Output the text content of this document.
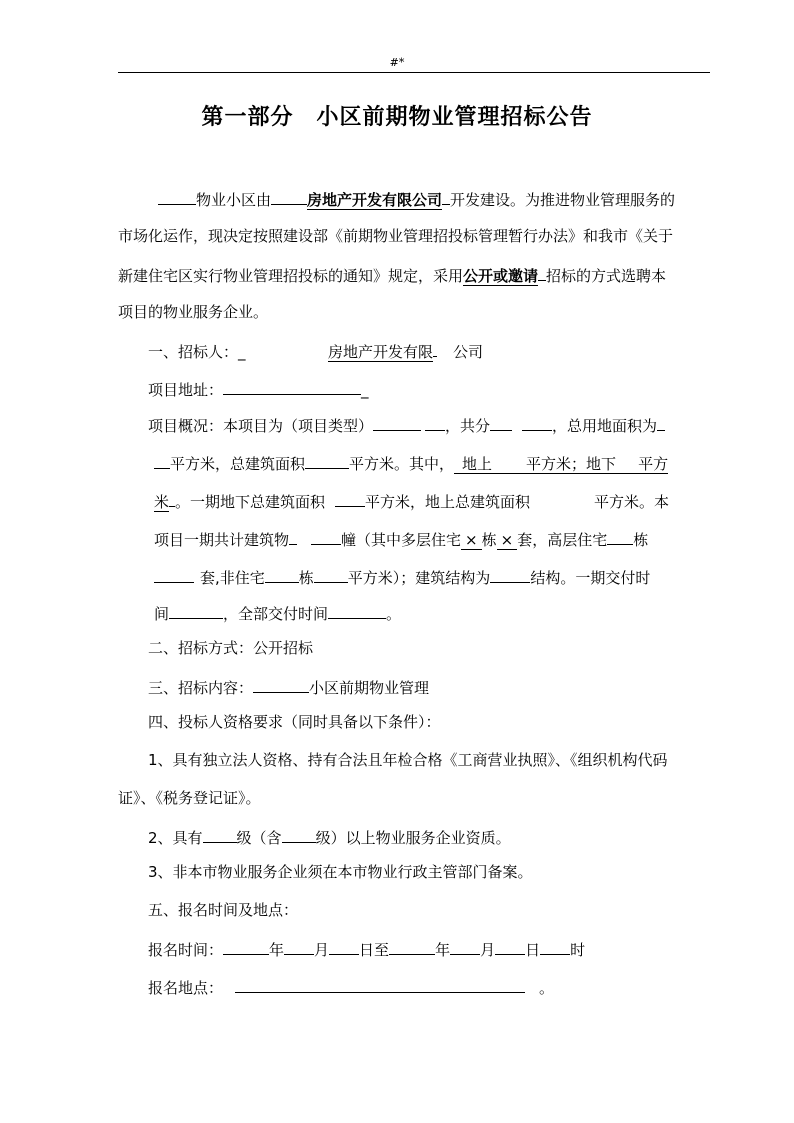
#*
第一部分　小区前期物业管理招标公告
物业小区由 房地产开发有限公司 开发建设。为推进物业管理服务的
市场化运作，现决定按照建设部《前期物业管理招投标管理暂行办法》和我市《关于
新建住宅区实行物业管理招投标的通知》规定，采用公开或邀请 招标的方式选聘本
项目的物业服务企业。
一、招标人：_	房地产开发有限 公司
项目地址：	_
项目概况：本项目为（项目类型）	，共分	，总用地面积为
平方米，总建筑面积	平方米。其中， 地上 平方米；地下 平方
米 。一期地下总建筑面积	平方米，地上总建筑面积	平方米。本
项目一期共计建筑物	幢（其中多层住宅 × 栋 × 套，高层住宅 栋
套,非住宅 栋 平方米）；建筑结构为	结构。一期交付时
间	，全部交付时间	。
二、招标方式：公开招标
三、招标内容：	小区前期物业管理
四、投标人资格要求（同时具备以下条件）：
1、具有独立法人资格、持有合法且年检合格《工商营业执照》、《组织机构代码
证》、《税务登记证》。
2、具有 级（含 级）以上物业服务企业资质。
3、非本市物业服务企业须在本市物业行政主管部门备案。
五、报名时间及地点：
报名时间：	年 月 日至	年 月 日 时
报名地点：	。
